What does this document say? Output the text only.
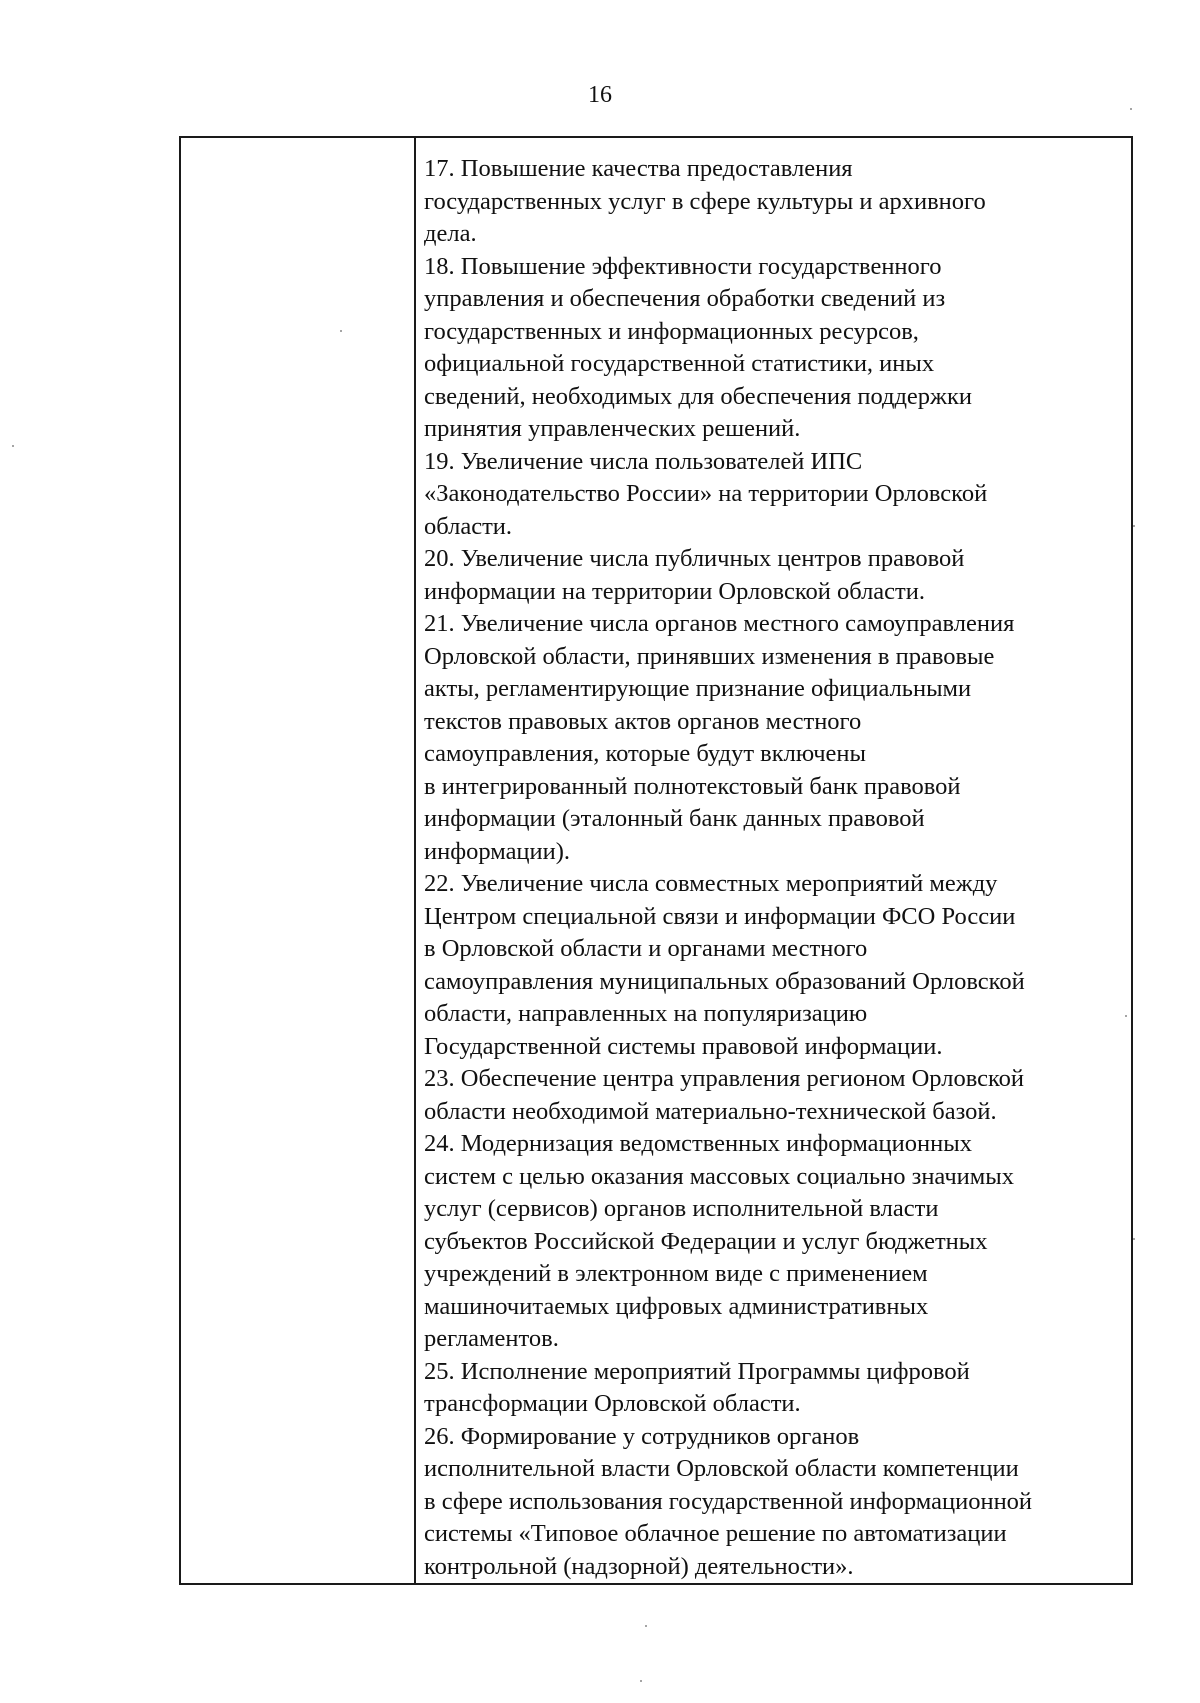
16
17. Повышение качества предоставления
государственных услуг в сфере культуры и архивного
дела.
18. Повышение эффективности государственного
управления и обеспечения обработки сведений из
государственных и информационных ресурсов,
официальной государственной статистики, иных
сведений, необходимых для обеспечения поддержки
принятия управленческих решений.
19. Увеличение числа пользователей ИПС
«Законодательство России» на территории Орловской
области.
20. Увеличение числа публичных центров правовой
информации на территории Орловской области.
21. Увеличение числа органов местного самоуправления
Орловской области, принявших изменения в правовые
акты, регламентирующие признание официальными
текстов правовых актов органов местного
самоуправления, которые будут включены
в интегрированный полнотекстовый банк правовой
информации (эталонный банк данных правовой
информации).
22. Увеличение числа совместных мероприятий между
Центром специальной связи и информации ФСО России
в Орловской области и органами местного
самоуправления муниципальных образований Орловской
области, направленных на популяризацию
Государственной системы правовой информации.
23. Обеспечение центра управления регионом Орловской
области необходимой материально-технической базой.
24. Модернизация ведомственных информационных
систем с целью оказания массовых социально значимых
услуг (сервисов) органов исполнительной власти
субъектов Российской Федерации и услуг бюджетных
учреждений в электронном виде с применением
машиночитаемых цифровых административных
регламентов.
25. Исполнение мероприятий Программы цифровой
трансформации Орловской области.
26. Формирование у сотрудников органов
исполнительной власти Орловской области компетенции
в сфере использования государственной информационной
системы «Типовое облачное решение по автоматизации
контрольной (надзорной) деятельности».
